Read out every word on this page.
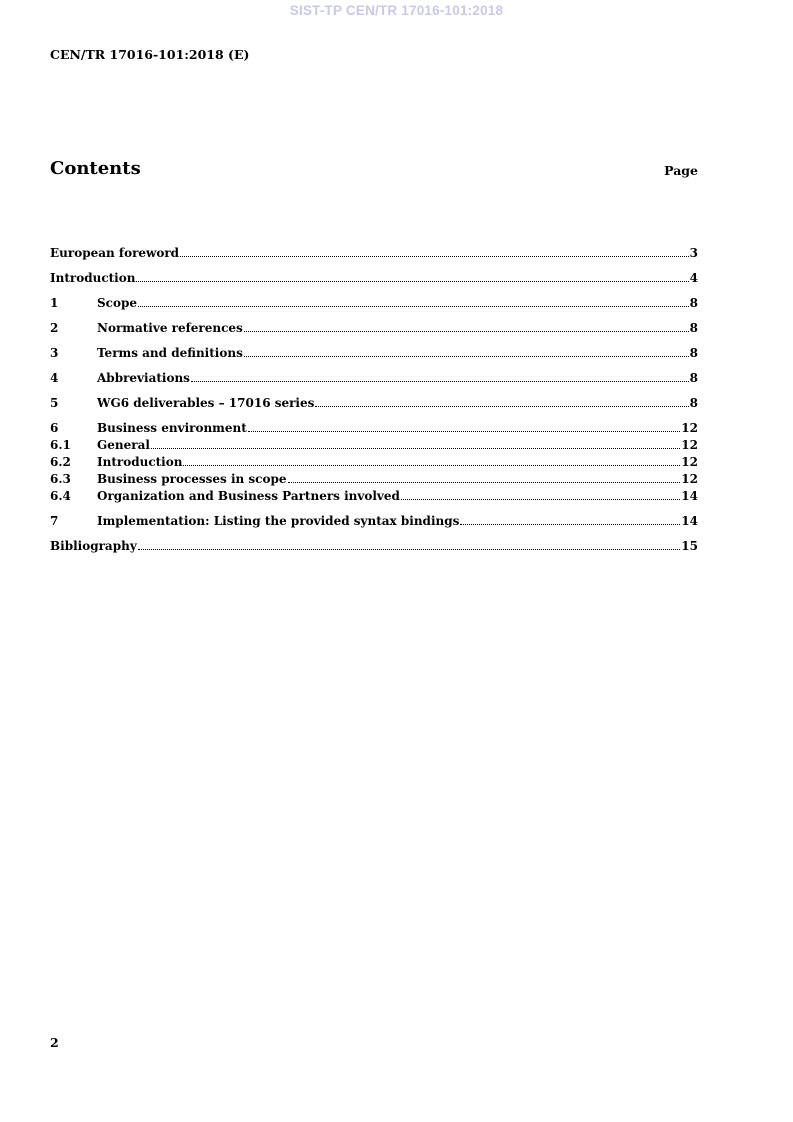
SIST-TP CEN/TR 17016-101:2018
CEN/TR 17016-101:2018 (E)
Contents	Page
European foreword	3
Introduction	4
1	Scope	8
2	Normative references	8
3	Terms and definitions	8
4	Abbreviations	8
5	WG6 deliverables – 17016 series	8
6	Business environment	12
6.1	General	12
6.2	Introduction	12
6.3	Business processes in scope	12
6.4	Organization and Business Partners involved	14
7	Implementation: Listing the provided syntax bindings	14
Bibliography	15
2
